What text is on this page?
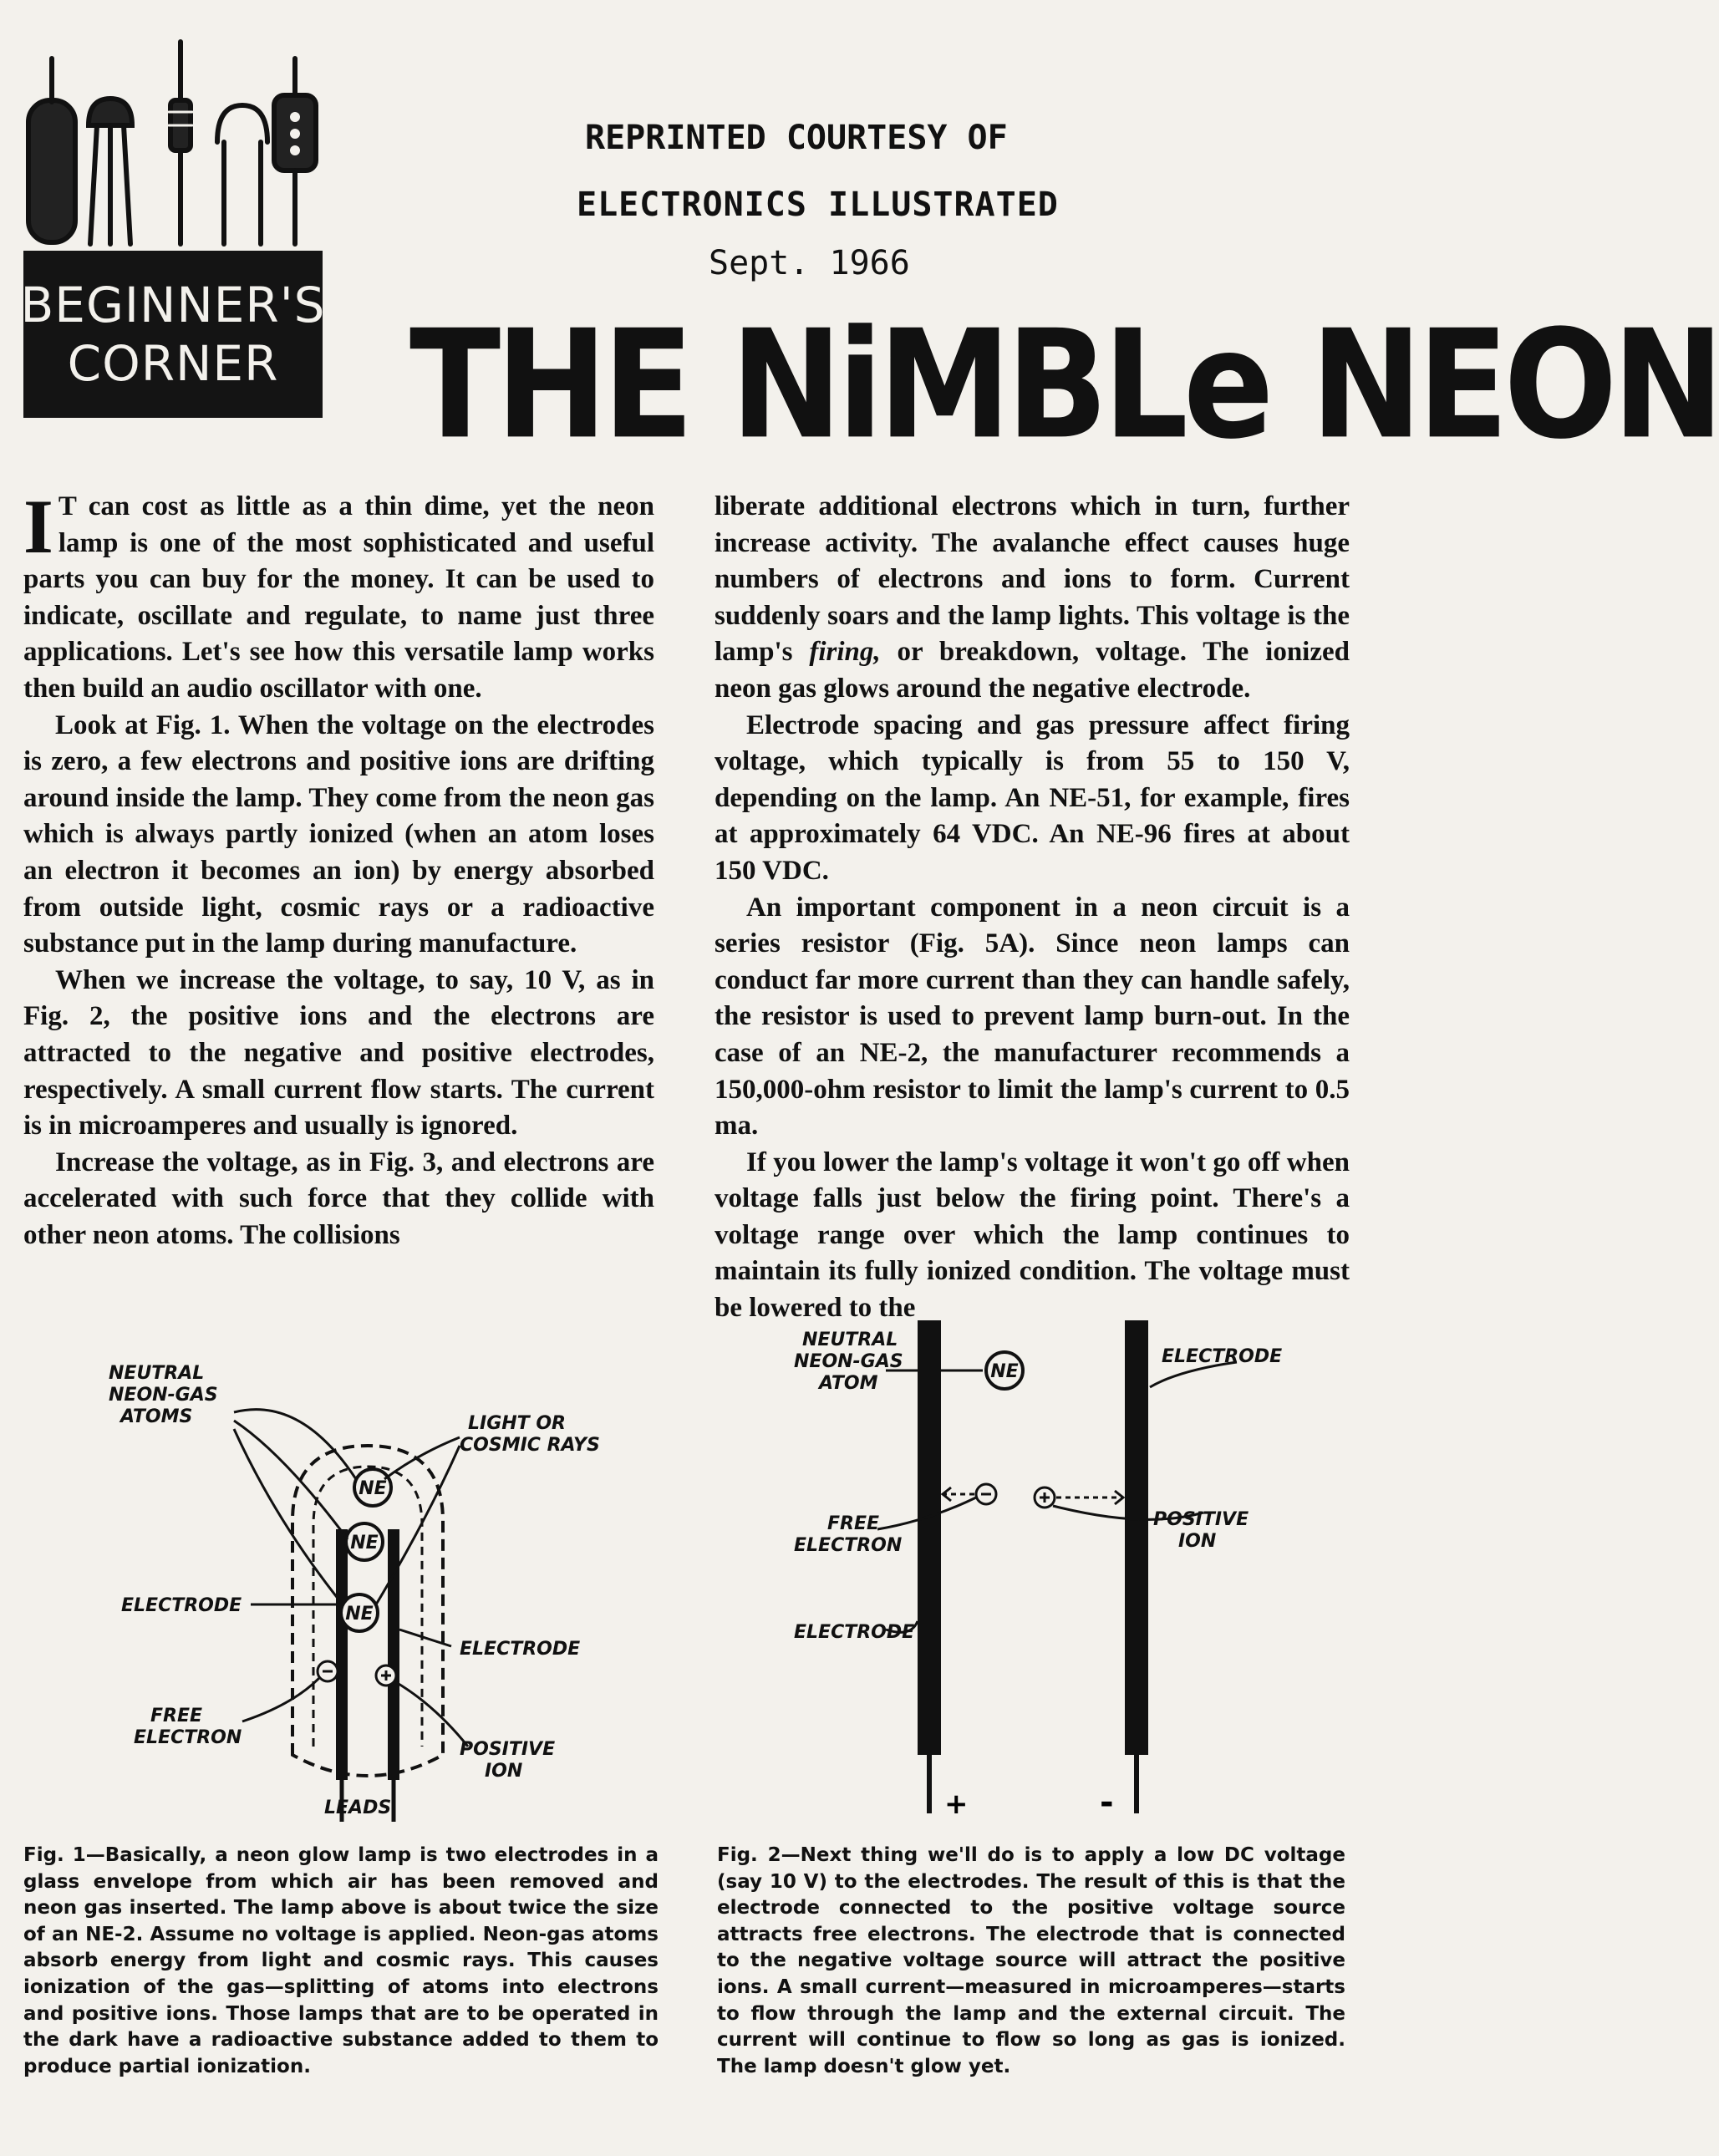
BEGINNER'S
CORNER
REPRINTED COURTESY OF
ELECTRONICS ILLUSTRATED
Sept. 1966
THE NiMBLe NEON

I T can cost as little as a thin dime, yet the neon lamp is one of the most sophisticated and useful parts you can buy for the money. It can be used to indicate, oscillate and regulate, to name just three applications. Let's see how this versatile lamp works then build an audio oscillator with one.

Look at Fig. 1. When the voltage on the electrodes is zero, a few electrons and positive ions are drifting around inside the lamp. They come from the neon gas which is always partly ionized (when an atom loses an electron it becomes an ion) by energy absorbed from outside light, cosmic rays or a radioactive substance put in the lamp during manufacture.

When we increase the voltage, to say, 10 V, as in Fig. 2, the positive ions and the electrons are attracted to the negative and positive electrodes, respectively. A small current flow starts. The current is in microamperes and usually is ignored.

Increase the voltage, as in Fig. 3, and electrons are accelerated with such force that they collide with other neon atoms. The collisions

liberate additional electrons which in turn, further increase activity. The avalanche effect causes huge numbers of electrons and ions to form. Current suddenly soars and the lamp lights. This voltage is the lamp's firing, or breakdown, voltage. The ionized neon gas glows around the negative electrode.

Electrode spacing and gas pressure affect firing voltage, which typically is from 55 to 150 V, depending on the lamp. An NE-51, for example, fires at approximately 64 VDC. An NE-96 fires at about 150 VDC.

An important component in a neon circuit is a series resistor (Fig. 5A). Since neon lamps can conduct far more current than they can handle safely, the resistor is used to prevent lamp burn-out. In the case of an NE-2, the manufacturer recommends a 150,000-ohm resistor to limit the lamp's current to 0.5 ma.

If you lower the lamp's voltage it won't go off when voltage falls just below the firing point. There's a voltage range over which the lamp continues to maintain its fully ionized condition. The voltage must be lowered to the

NE
NE
NE
NEUTRAL
NEON-GAS
ATOMS	LIGHT OR
COSMIC RAYS
ELECTRODE
ELECTRODE
FREE
ELECTRON
POSITIVE
ION
LEADS	+	-
NE
NEUTRAL
NEON-GAS
ATOM
ELECTRODE
FREE
ELECTRON
POSITIVE
ION
ELECTRODE
Fig. 1—Basically, a neon glow lamp is two electrodes in a glass envelope from which air has been removed and neon gas inserted. The lamp above is about twice the size of an NE-2. Assume no voltage is applied. Neon-gas atoms absorb energy from light and cosmic rays. This causes ionization of the gas—splitting of atoms into electrons and positive ions. Those lamps that are to be operated in the dark have a radioactive substance added to them to produce partial ionization.
Fig. 2—Next thing we'll do is to apply a low DC voltage (say 10 V) to the electrodes. The result of this is that the electrode connected to the positive voltage source attracts free electrons. The electrode that is connected to the negative voltage source will attract the positive ions. A small current—measured in microamperes—starts to flow through the lamp and the external circuit. The current will continue to flow so long as gas is ionized. The lamp doesn't glow yet.
